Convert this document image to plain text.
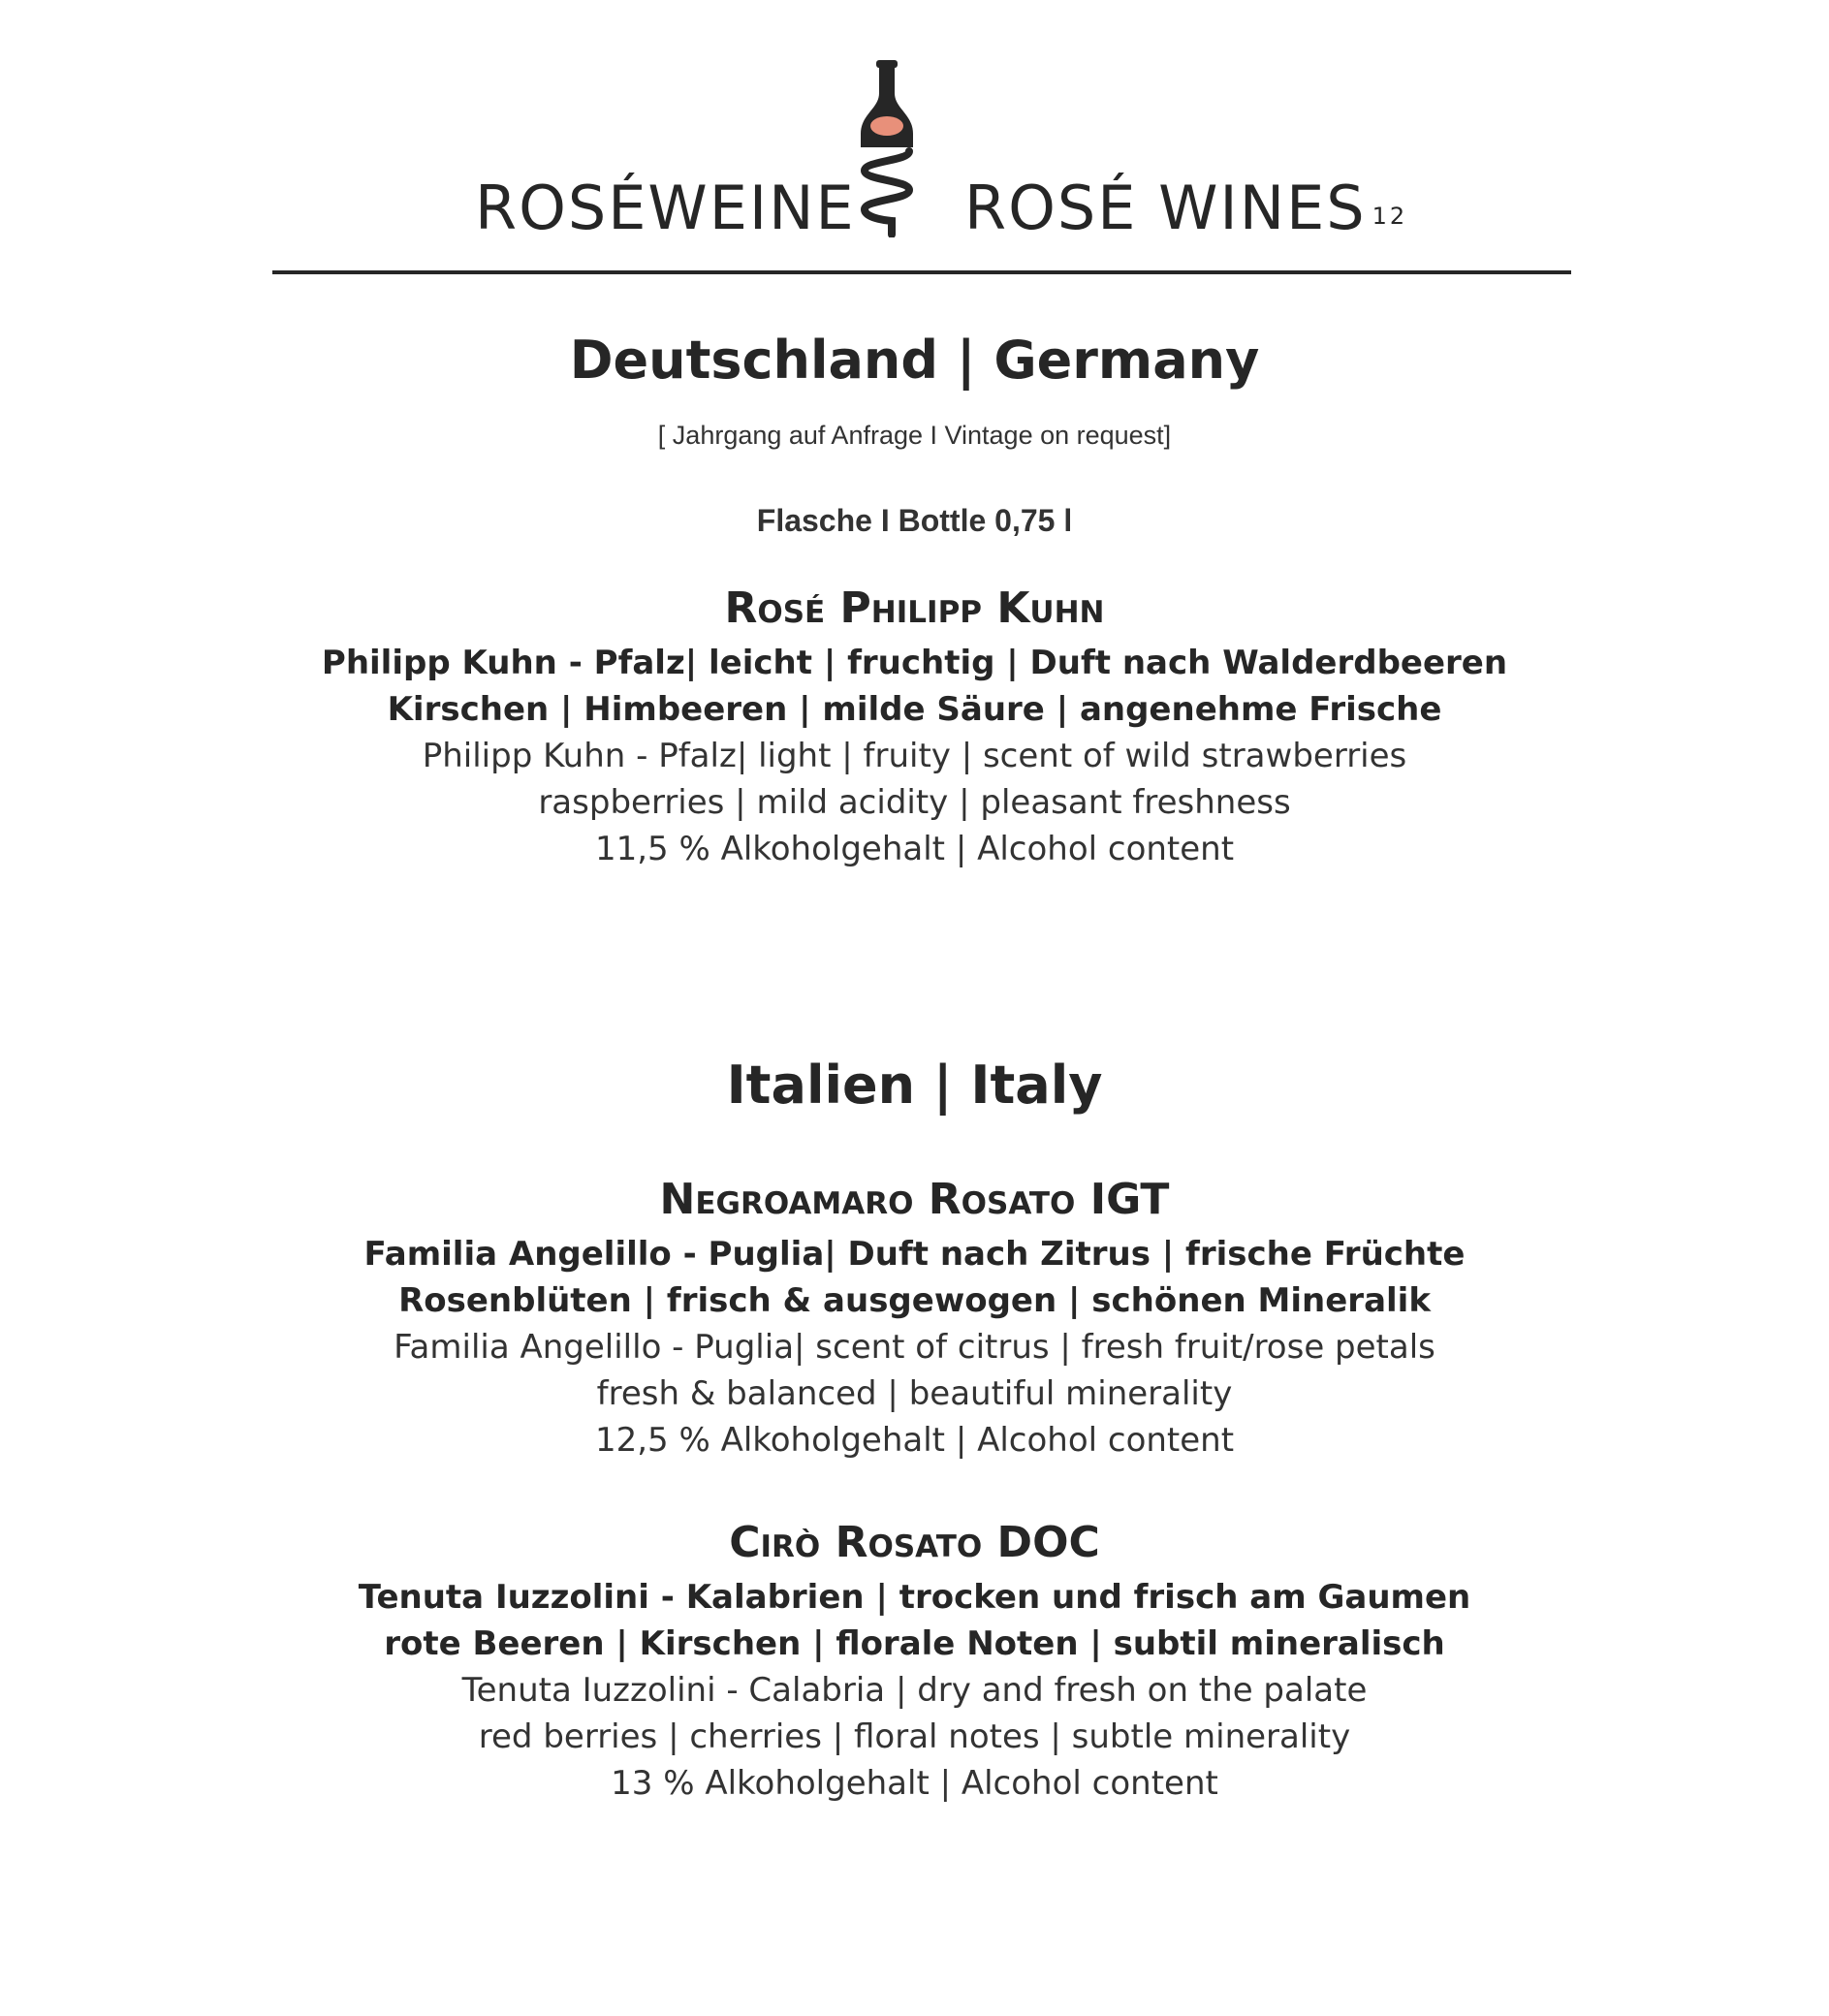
ROSÉWEINE ROSÉ WINES $^{12}$
Deutschland | Germany
[ Jahrgang auf Anfrage I Vintage on request]
Flasche I Bottle 0,75 l
Rosé Philipp Kuhn
Philipp Kuhn - Pfalz| leicht | fruchtig | Duft nach Walderdbeeren
Kirschen | Himbeeren | milde Säure | angenehme Frische
Philipp Kuhn - Pfalz| light | fruity | scent of wild strawberries
raspberries | mild acidity | pleasant freshness
11,5 % Alkoholgehalt | Alcohol content
Italien | Italy
Negroamaro Rosato IGT
Familia Angelillo - Puglia| Duft nach Zitrus | frische Früchte
Rosenblüten | frisch & ausgewogen | schönen Mineralik
Familia Angelillo - Puglia| scent of citrus | fresh fruit/rose petals
fresh & balanced | beautiful minerality
12,5 % Alkoholgehalt | Alcohol content
Cirò Rosato DOC
Tenuta Iuzzolini - Kalabrien | trocken und frisch am Gaumen
rote Beeren | Kirschen | florale Noten | subtil mineralisch
Tenuta Iuzzolini - Calabria | dry and fresh on the palate
red berries | cherries | floral notes | subtle minerality
13 % Alkoholgehalt | Alcohol content
